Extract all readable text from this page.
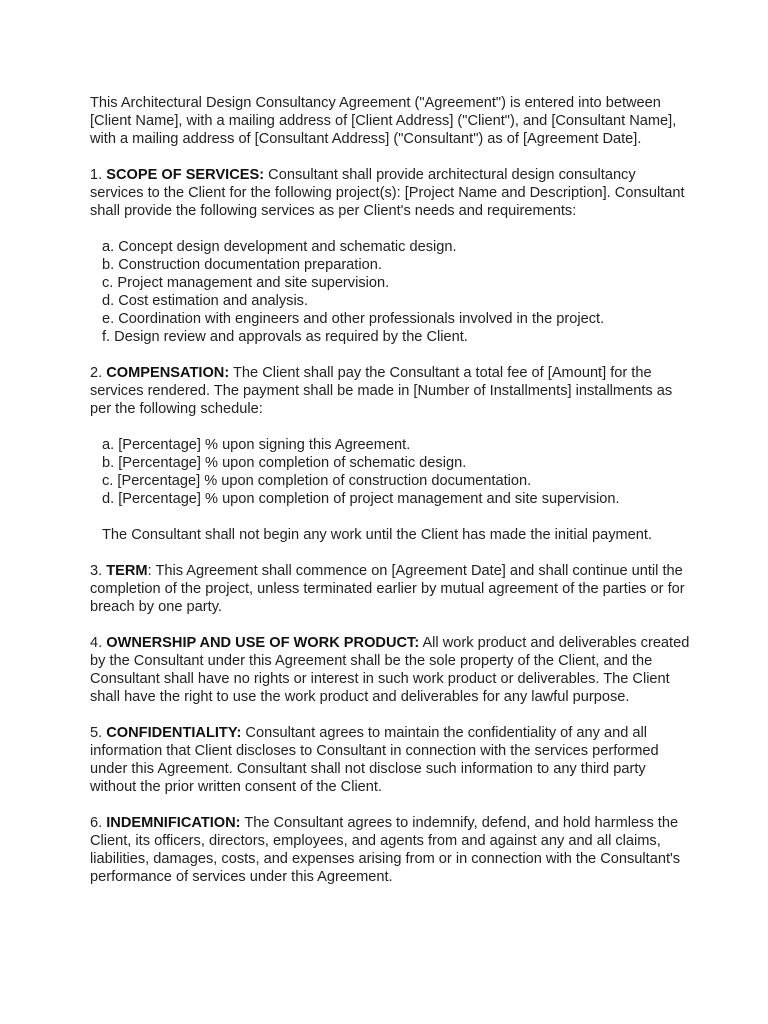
This Architectural Design Consultancy Agreement ("Agreement") is entered into between [Client Name], with a mailing address of [Client Address] ("Client"), and [Consultant Name], with a mailing address of [Consultant Address] ("Consultant") as of [Agreement Date].

1. SCOPE OF SERVICES: Consultant shall provide architectural design consultancy services to the Client for the following project(s): [Project Name and Description]. Consultant shall provide the following services as per Client's needs and requirements:

a. Concept design development and schematic design.
b. Construction documentation preparation.
c. Project management and site supervision.
d. Cost estimation and analysis.
e. Coordination with engineers and other professionals involved in the project.
f. Design review and approvals as required by the Client.

2. COMPENSATION: The Client shall pay the Consultant a total fee of [Amount] for the services rendered. The payment shall be made in [Number of Installments] installments as per the following schedule:

a. [Percentage] % upon signing this Agreement.
b. [Percentage] % upon completion of schematic design.
c. [Percentage] % upon completion of construction documentation.
d. [Percentage] % upon completion of project management and site supervision.

The Consultant shall not begin any work until the Client has made the initial payment.

3. TERM: This Agreement shall commence on [Agreement Date] and shall continue until the completion of the project, unless terminated earlier by mutual agreement of the parties or for breach by one party.

4. OWNERSHIP AND USE OF WORK PRODUCT: All work product and deliverables created by the Consultant under this Agreement shall be the sole property of the Client, and the Consultant shall have no rights or interest in such work product or deliverables. The Client shall have the right to use the work product and deliverables for any lawful purpose.

5. CONFIDENTIALITY: Consultant agrees to maintain the confidentiality of any and all information that Client discloses to Consultant in connection with the services performed under this Agreement. Consultant shall not disclose such information to any third party without the prior written consent of the Client.

6. INDEMNIFICATION: The Consultant agrees to indemnify, defend, and hold harmless the Client, its officers, directors, employees, and agents from and against any and all claims, liabilities, damages, costs, and expenses arising from or in connection with the Consultant's performance of services under this Agreement.
